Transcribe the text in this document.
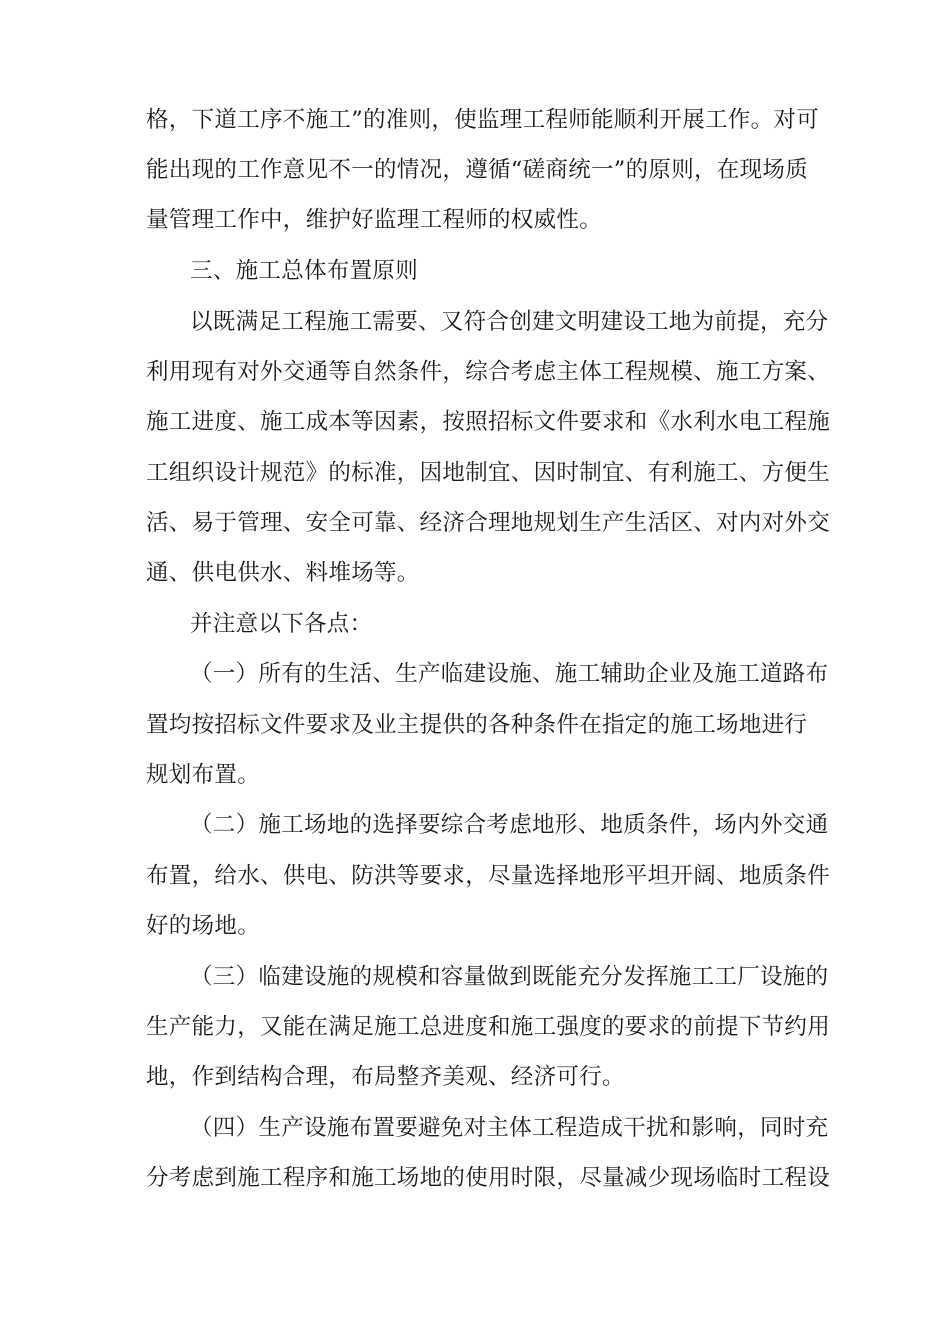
格，下道工序不施工”的准则，使监理工程师能顺利开展工作。对可
能出现的工作意见不一的情况，遵循“磋商统一”的原则，在现场质
量管理工作中，维护好监理工程师的权威性。
三、施工总体布置原则
以既满足工程施工需要、又符合创建文明建设工地为前提，充分
利用现有对外交通等自然条件，综合考虑主体工程规模、施工方案、
施工进度、施工成本等因素，按照招标文件要求和《水利水电工程施
工组织设计规范》的标准，因地制宜、因时制宜、有利施工、方便生
活、易于管理、安全可靠、经济合理地规划生产生活区、对内对外交
通、供电供水、料堆场等。
并注意以下各点：
（一）所有的生活、生产临建设施、施工辅助企业及施工道路布
置均按招标文件要求及业主提供的各种条件在指定的施工场地进行
规划布置。
（二）施工场地的选择要综合考虑地形、地质条件，场内外交通
布置，给水、供电、防洪等要求，尽量选择地形平坦开阔、地质条件
好的场地。
（三）临建设施的规模和容量做到既能充分发挥施工工厂设施的
生产能力，又能在满足施工总进度和施工强度的要求的前提下节约用
地，作到结构合理，布局整齐美观、经济可行。
（四）生产设施布置要避免对主体工程造成干扰和影响，同时充
分考虑到施工程序和施工场地的使用时限，尽量减少现场临时工程设
